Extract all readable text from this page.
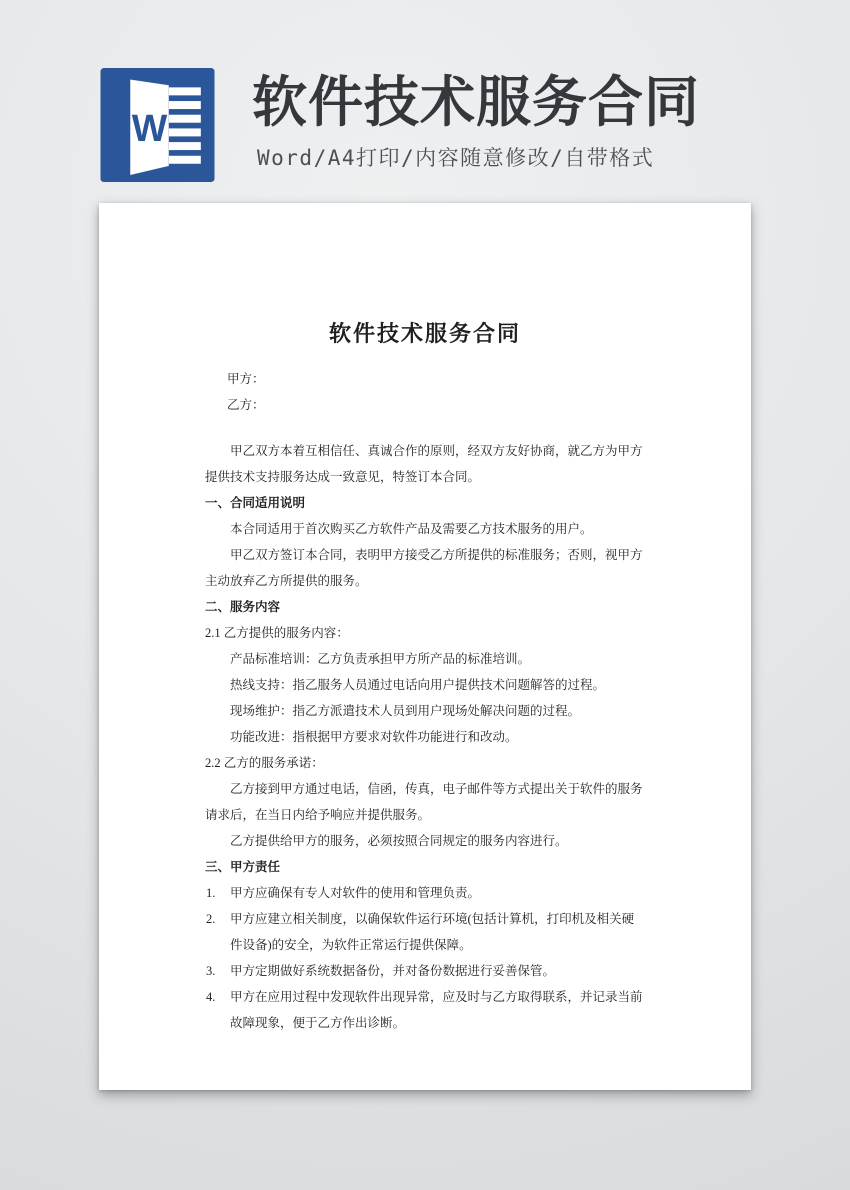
W 软件技术服务合同
Word/A4打印/内容随意修改/自带格式
软件技术服务合同

甲方：

乙方：

甲乙双方本着互相信任、真诚合作的原则，经双方友好协商，就乙方为甲方提供技术支持服务达成一致意见，特签订本合同。

一、合同适用说明

本合同适用于首次购买乙方软件产品及需要乙方技术服务的用户。

甲乙双方签订本合同，表明甲方接受乙方所提供的标准服务；否则，视甲方主动放弃乙方所提供的服务。

二、服务内容

2.1 乙方提供的服务内容：

产品标准培训：乙方负责承担甲方所产品的标准培训。

热线支持：指乙服务人员通过电话向用户提供技术问题解答的过程。

现场维护：指乙方派遣技术人员到用户现场处解决问题的过程。

功能改进：指根据甲方要求对软件功能进行和改动。

2.2 乙方的服务承诺：

乙方接到甲方通过电话，信函，传真，电子邮件等方式提出关于软件的服务请求后，在当日内给予响应并提供服务。

乙方提供给甲方的服务，必须按照合同规定的服务内容进行。

三、甲方责任

1. 甲方应确保有专人对软件的使用和管理负责。
2. 甲方应建立相关制度，以确保软件运行环境(包括计算机，打印机及相关硬件设备)的安全，为软件正常运行提供保障。
3. 甲方定期做好系统数据备份，并对备份数据进行妥善保管。
4. 甲方在应用过程中发现软件出现异常，应及时与乙方取得联系，并记录当前故障现象，便于乙方作出诊断。
